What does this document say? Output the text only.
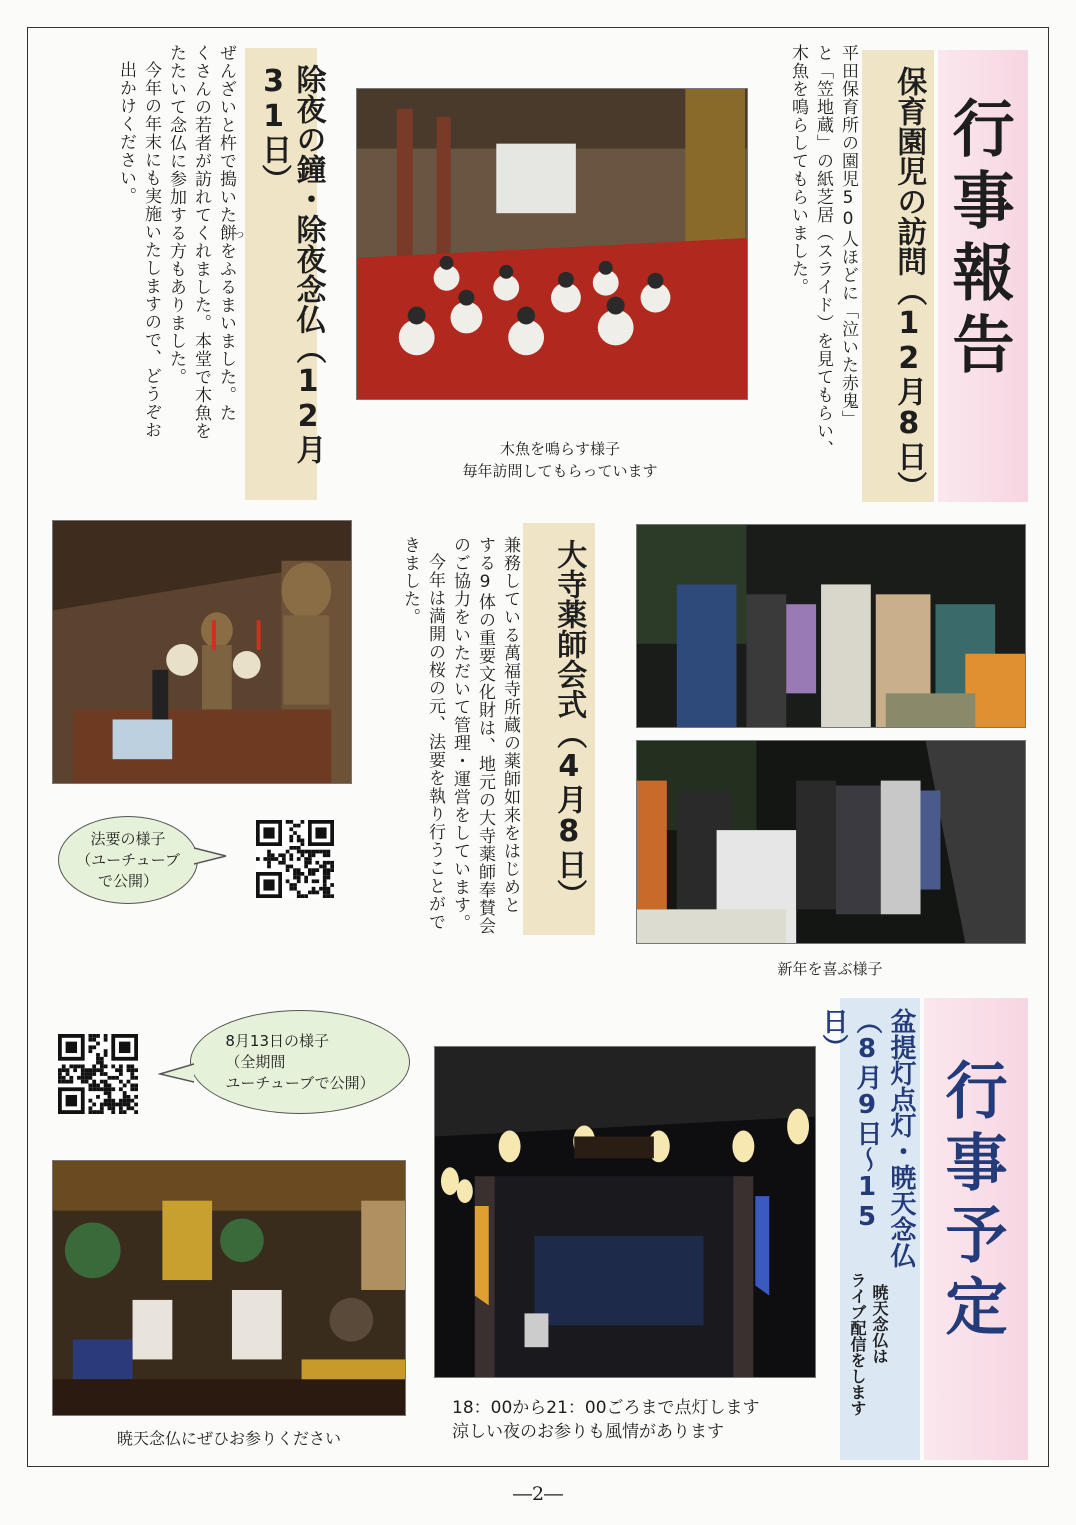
行事報告
保育園児の訪問（12月8日）
平田保育所の園児50人ほどに「泣いた赤鬼」
と「笠地蔵」の紙芝居（スライド）を見てもらい、
木魚を鳴らしてもらいました。
木魚を鳴らす様子
毎年訪問してもらっています
除夜の鐘・除夜念仏（12月31日）
ぜんざいと杵で搗いた餅をふるまいました。た
くさんの若者が訪れてくれました。本堂で木魚を
たたいて念仏に参加する方もありました。
今年の年末にも実施いたしますので、どうぞお
出かけください。
つ
法要の様子
（ユーチューブ
で公開）	大寺薬師会式（4月8日）
兼務している萬福寺所蔵の薬師如来をはじめと
する9体の重要文化財は、地元の大寺薬師奉賛会
のご協力をいただいて管理・運営をしています。
今年は満開の桜の元、法要を執り行うことがで
きました。
新年を喜ぶ様子
行事予定
盆提灯点灯・暁天念仏（8月9日～15日）
暁天念仏は
ライブ配信をします
8月13日の様子
（全期間
ユーチューブで公開）
暁天念仏にぜひお参りください
18：00から21：00ごろまで点灯します
涼しい夜のお参りも風情があります
―2―
